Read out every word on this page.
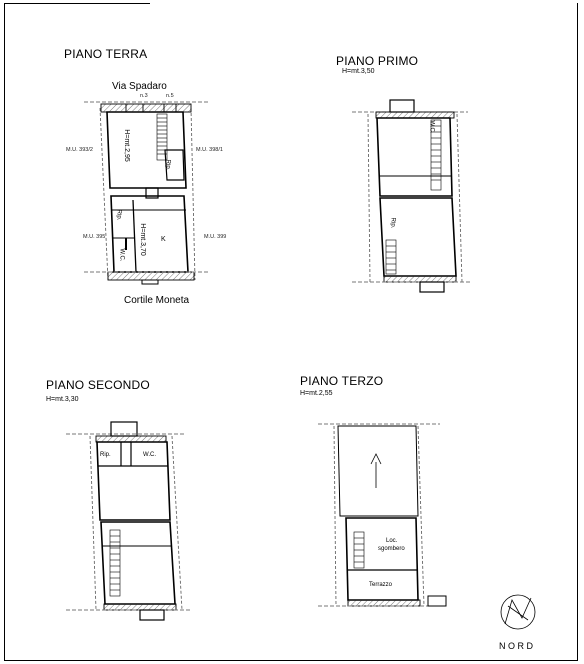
PIANO TERRA
Via Spadaro
n.3	n.5
M.U. 393/2	M.U. 398/1
M.U. 395	M.U. 399
H=mt.2,95
Rip.
Rip.
H=mt.3,70
W.C.
K
Cortile Moneta
PIANO PRIMO
H=mt.3,50
W.C.
Rip.
PIANO SECONDO
H=mt.3,30
Rip.	W.C.
PIANO TERZO
H=mt.2,55
Loc.
sgombero
Terrazzo
NORD
